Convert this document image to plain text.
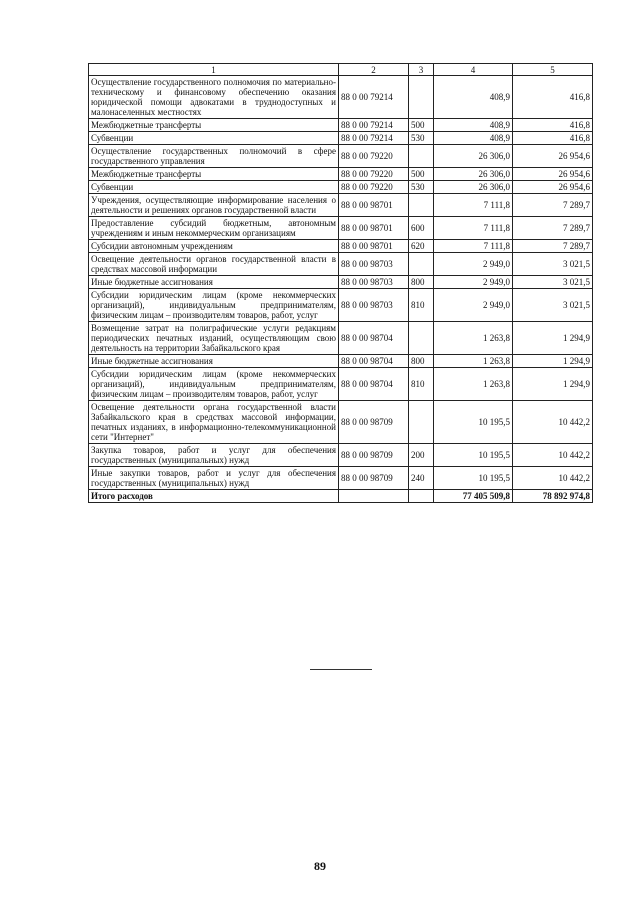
1	2	3	4	5
Осуществление государственного полномочия по материально-техническому и финансовому обеспечению оказания юридической помощи адвокатами в труднодоступных и малонаселенных местностях	88 0 00 79214		408,9	416,8
Межбюджетные трансферты	88 0 00 79214	500	408,9	416,8
Субвенции	88 0 00 79214	530	408,9	416,8
Осуществление государственных полномочий в сфере государственного управления	88 0 00 79220		26 306,0	26 954,6
Межбюджетные трансферты	88 0 00 79220	500	26 306,0	26 954,6
Субвенции	88 0 00 79220	530	26 306,0	26 954,6
Учреждения, осуществляющие информирование населения о деятельности и решениях органов государственной власти	88 0 00 98701		7 111,8	7 289,7
Предоставление субсидий бюджетным, автономным учреждениям и иным некоммерческим организациям	88 0 00 98701	600	7 111,8	7 289,7
Субсидии автономным учреждениям	88 0 00 98701	620	7 111,8	7 289,7
Освещение деятельности органов государственной власти в средствах массовой информации	88 0 00 98703		2 949,0	3 021,5
Иные бюджетные ассигнования	88 0 00 98703	800	2 949,0	3 021,5
Субсидии юридическим лицам (кроме некоммерческих организаций), индивидуальным предпринимателям, физическим лицам – производителям товаров, работ, услуг	88 0 00 98703	810	2 949,0	3 021,5
Возмещение затрат на полиграфические услуги редакциям периодических печатных изданий, осуществляющим свою деятельность на территории Забайкальского края	88 0 00 98704		1 263,8	1 294,9
Иные бюджетные ассигнования	88 0 00 98704	800	1 263,8	1 294,9
Субсидии юридическим лицам (кроме некоммерческих организаций), индивидуальным предпринимателям, физическим лицам – производителям товаров, работ, услуг	88 0 00 98704	810	1 263,8	1 294,9
Освещение деятельности органа государственной власти Забайкальского края в средствах массовой информации, печатных изданиях, в информационно-телекоммуникационной сети "Интернет"	88 0 00 98709		10 195,5	10 442,2
Закупка товаров, работ и услуг для обеспечения государственных (муниципальных) нужд	88 0 00 98709	200	10 195,5	10 442,2
Иные закупки товаров, работ и услуг для обеспечения государственных (муниципальных) нужд	88 0 00 98709	240	10 195,5	10 442,2
Итого расходов			77 405 509,8	78 892 974,8
89
